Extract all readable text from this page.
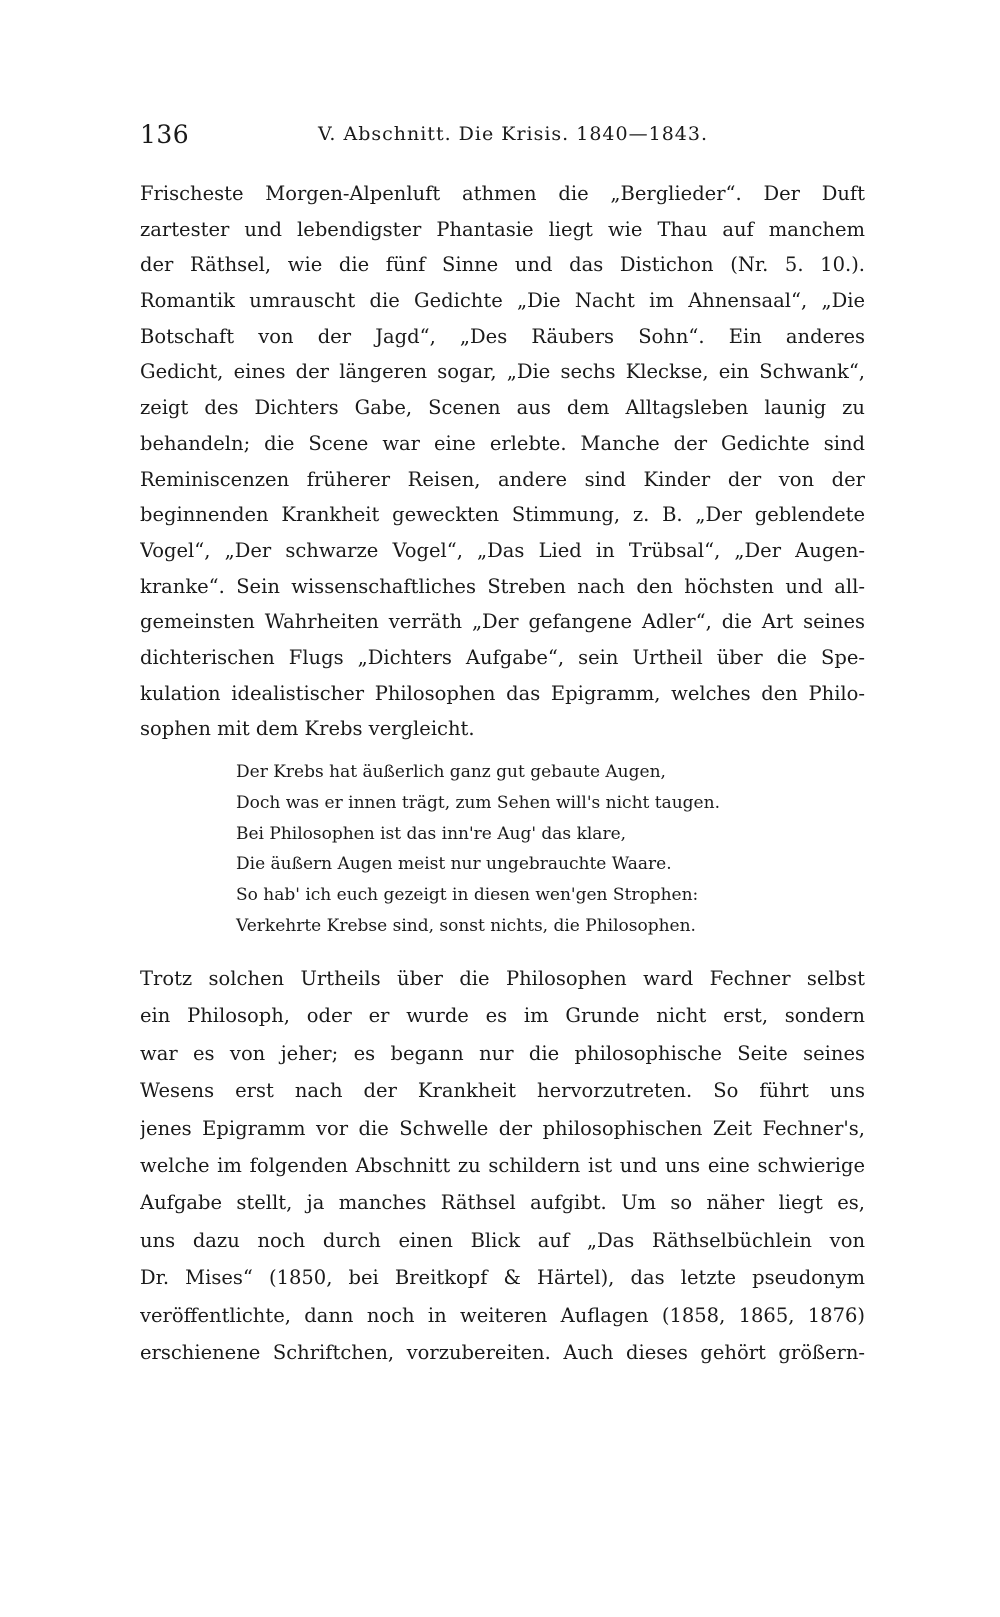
136	V. Abschnitt. Die Krisis. 1840—1843.
Frischeste Morgen-Alpenluft athmen die „Berglieder“. Der Duft
zartester und lebendigster Phantasie liegt wie Thau auf manchem
der Räthsel, wie die fünf Sinne und das Distichon (Nr. 5. 10.).
Romantik umrauscht die Gedichte „Die Nacht im Ahnensaal“, „Die
Botschaft von der Jagd“, „Des Räubers Sohn“. Ein anderes
Gedicht, eines der längeren sogar, „Die sechs Kleckse, ein Schwank“,
zeigt des Dichters Gabe, Scenen aus dem Alltagsleben launig zu
behandeln; die Scene war eine erlebte. Manche der Gedichte sind
Reminiscenzen früherer Reisen, andere sind Kinder der von der
beginnenden Krankheit geweckten Stimmung, z. B. „Der geblendete
Vogel“, „Der schwarze Vogel“, „Das Lied in Trübsal“, „Der Augen-
kranke“. Sein wissenschaftliches Streben nach den höchsten und all-
gemeinsten Wahrheiten verräth „Der gefangene Adler“, die Art seines
dichterischen Flugs „Dichters Aufgabe“, sein Urtheil über die Spe-
kulation idealistischer Philosophen das Epigramm, welches den Philo-
sophen mit dem Krebs vergleicht.
Der Krebs hat äußerlich ganz gut gebaute Augen,
Doch was er innen trägt, zum Sehen will's nicht taugen.
Bei Philosophen ist das inn're Aug' das klare,
Die äußern Augen meist nur ungebrauchte Waare.
So hab' ich euch gezeigt in diesen wen'gen Strophen:
Verkehrte Krebse sind, sonst nichts, die Philosophen.
Trotz solchen Urtheils über die Philosophen ward Fechner selbst
ein Philosoph, oder er wurde es im Grunde nicht erst, sondern
war es von jeher; es begann nur die philosophische Seite seines
Wesens erst nach der Krankheit hervorzutreten. So führt uns
jenes Epigramm vor die Schwelle der philosophischen Zeit Fechner's,
welche im folgenden Abschnitt zu schildern ist und uns eine schwierige
Aufgabe stellt, ja manches Räthsel aufgibt. Um so näher liegt es,
uns dazu noch durch einen Blick auf „Das Räthselbüchlein von
Dr. Mises“ (1850, bei Breitkopf & Härtel), das letzte pseudonym
veröffentlichte, dann noch in weiteren Auflagen (1858, 1865, 1876)
erschienene Schriftchen, vorzubereiten. Auch dieses gehört größern-
